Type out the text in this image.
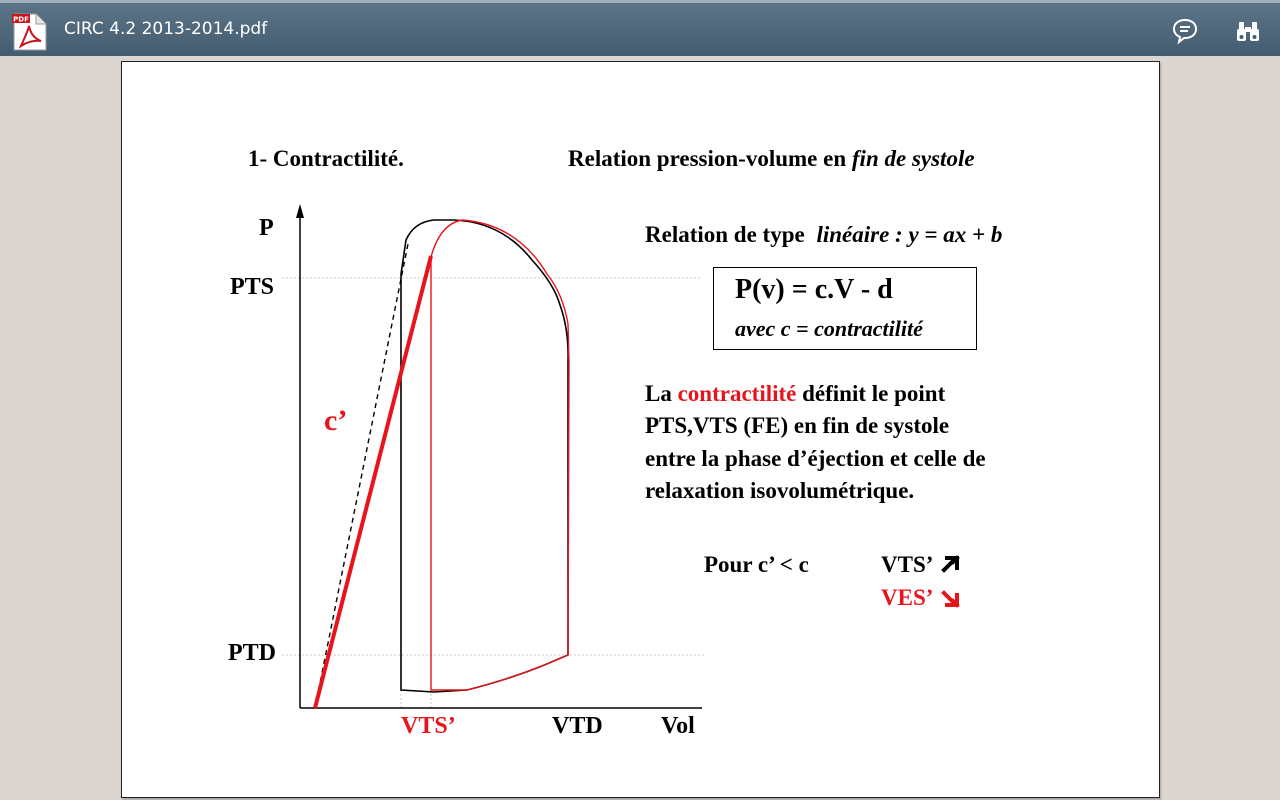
PDF CIRC 4.2 2013-2014.pdf
1- Contractilité.	Relation pression-volume en fin de systole
Relation de type linéaire : y = ax + b
P(v) = c.V - d
avec c = contractilité
La contractilité définit le point
PTS,VTS (FE) en fin de systole
entre la phase d’éjection et celle de
relaxation isovolumétrique.
Pour c’ < c	VTS’
VES’
P
PTS
PTD
c’
VTS’	VTD Vol
